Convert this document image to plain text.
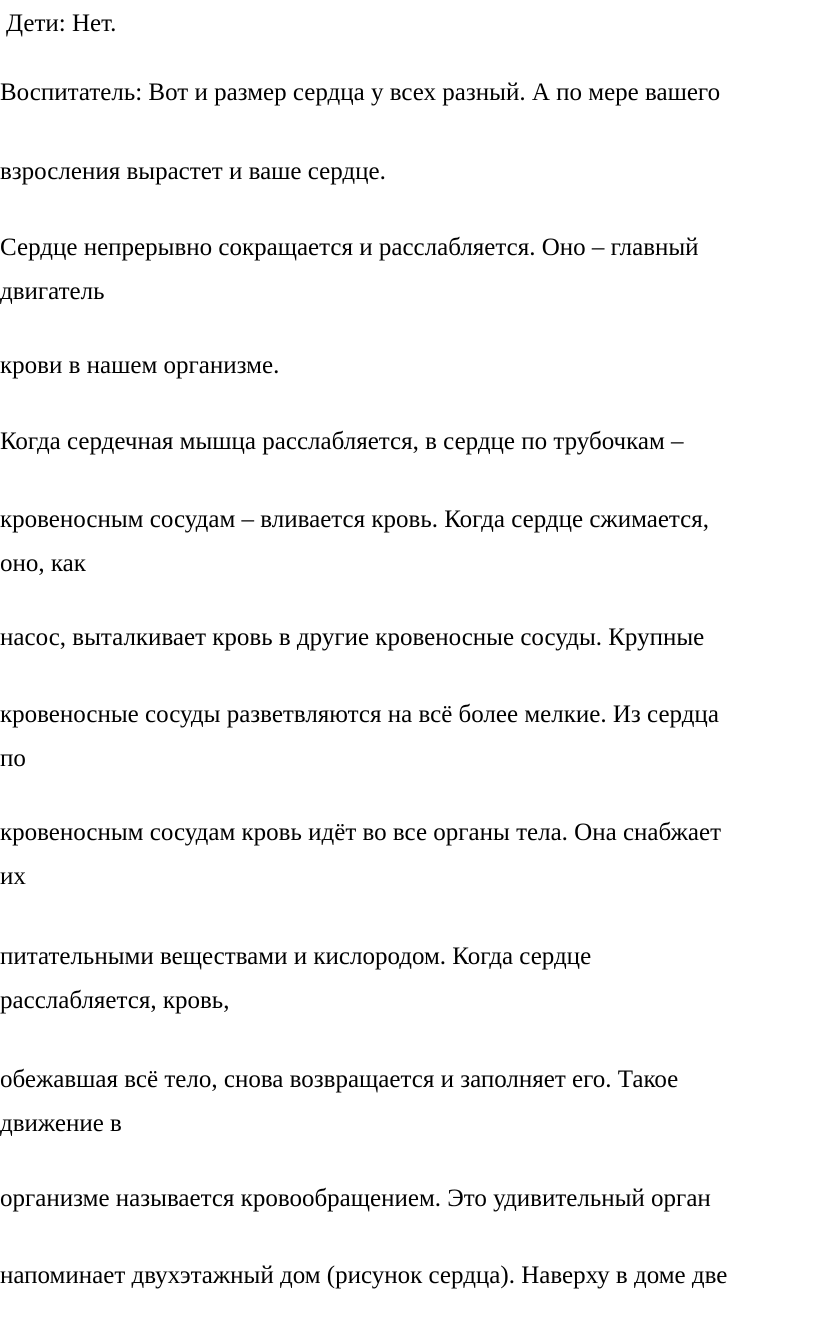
Дети: Нет.

Воспитатель: Вот и размер сердца у всех разный. А по мере вашего

взросления вырастет и ваше сердце.

Сердце непрерывно сокращается и расслабляется. Оно – главный
двигатель

крови в нашем организме.

Когда сердечная мышца расслабляется, в сердце по трубочкам –

кровеносным сосудам – вливается кровь. Когда сердце сжимается,
оно, как

насос, выталкивает кровь в другие кровеносные сосуды. Крупные

кровеносные сосуды разветвляются на всё более мелкие. Из сердца
по

кровеносным сосудам кровь идёт во все органы тела. Она снабжает
их

питательными веществами и кислородом. Когда сердце
расслабляется, кровь,

обежавшая всё тело, снова возвращается и заполняет его. Такое
движение в

организме называется кровообращением. Это удивительный орган

напоминает двухэтажный дом (рисунок сердца). Наверху в доме две
